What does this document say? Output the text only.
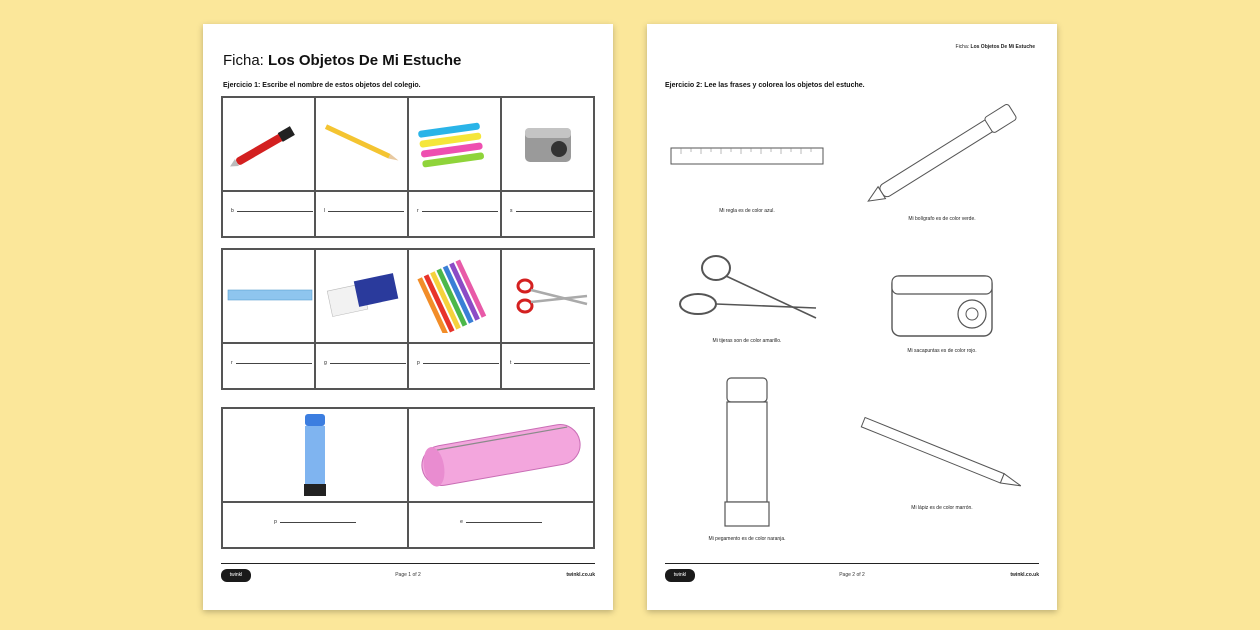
Ficha: Los Objetos De Mi Estuche
Ejercicio 1: Escribe el nombre de estos objetos del colegio.
b	l	r	s
r	g	p	t
p	e
twinkl	Page 1 of 2	twinkl.co.uk
Ficha: Los Objetos De Mi Estuche
Ejercicio 2: Lee las frases y colorea los objetos del estuche.
Mi regla es de color azul.
Mi bolígrafo es de color verde.
Mi tijeras son de color amarillo.
Mi sacapuntas es de color rojo.
Mi pegamento es de color naranja.
Mi lápiz es de color marrón.
twinkl	Page 2 of 2	twinkl.co.uk
